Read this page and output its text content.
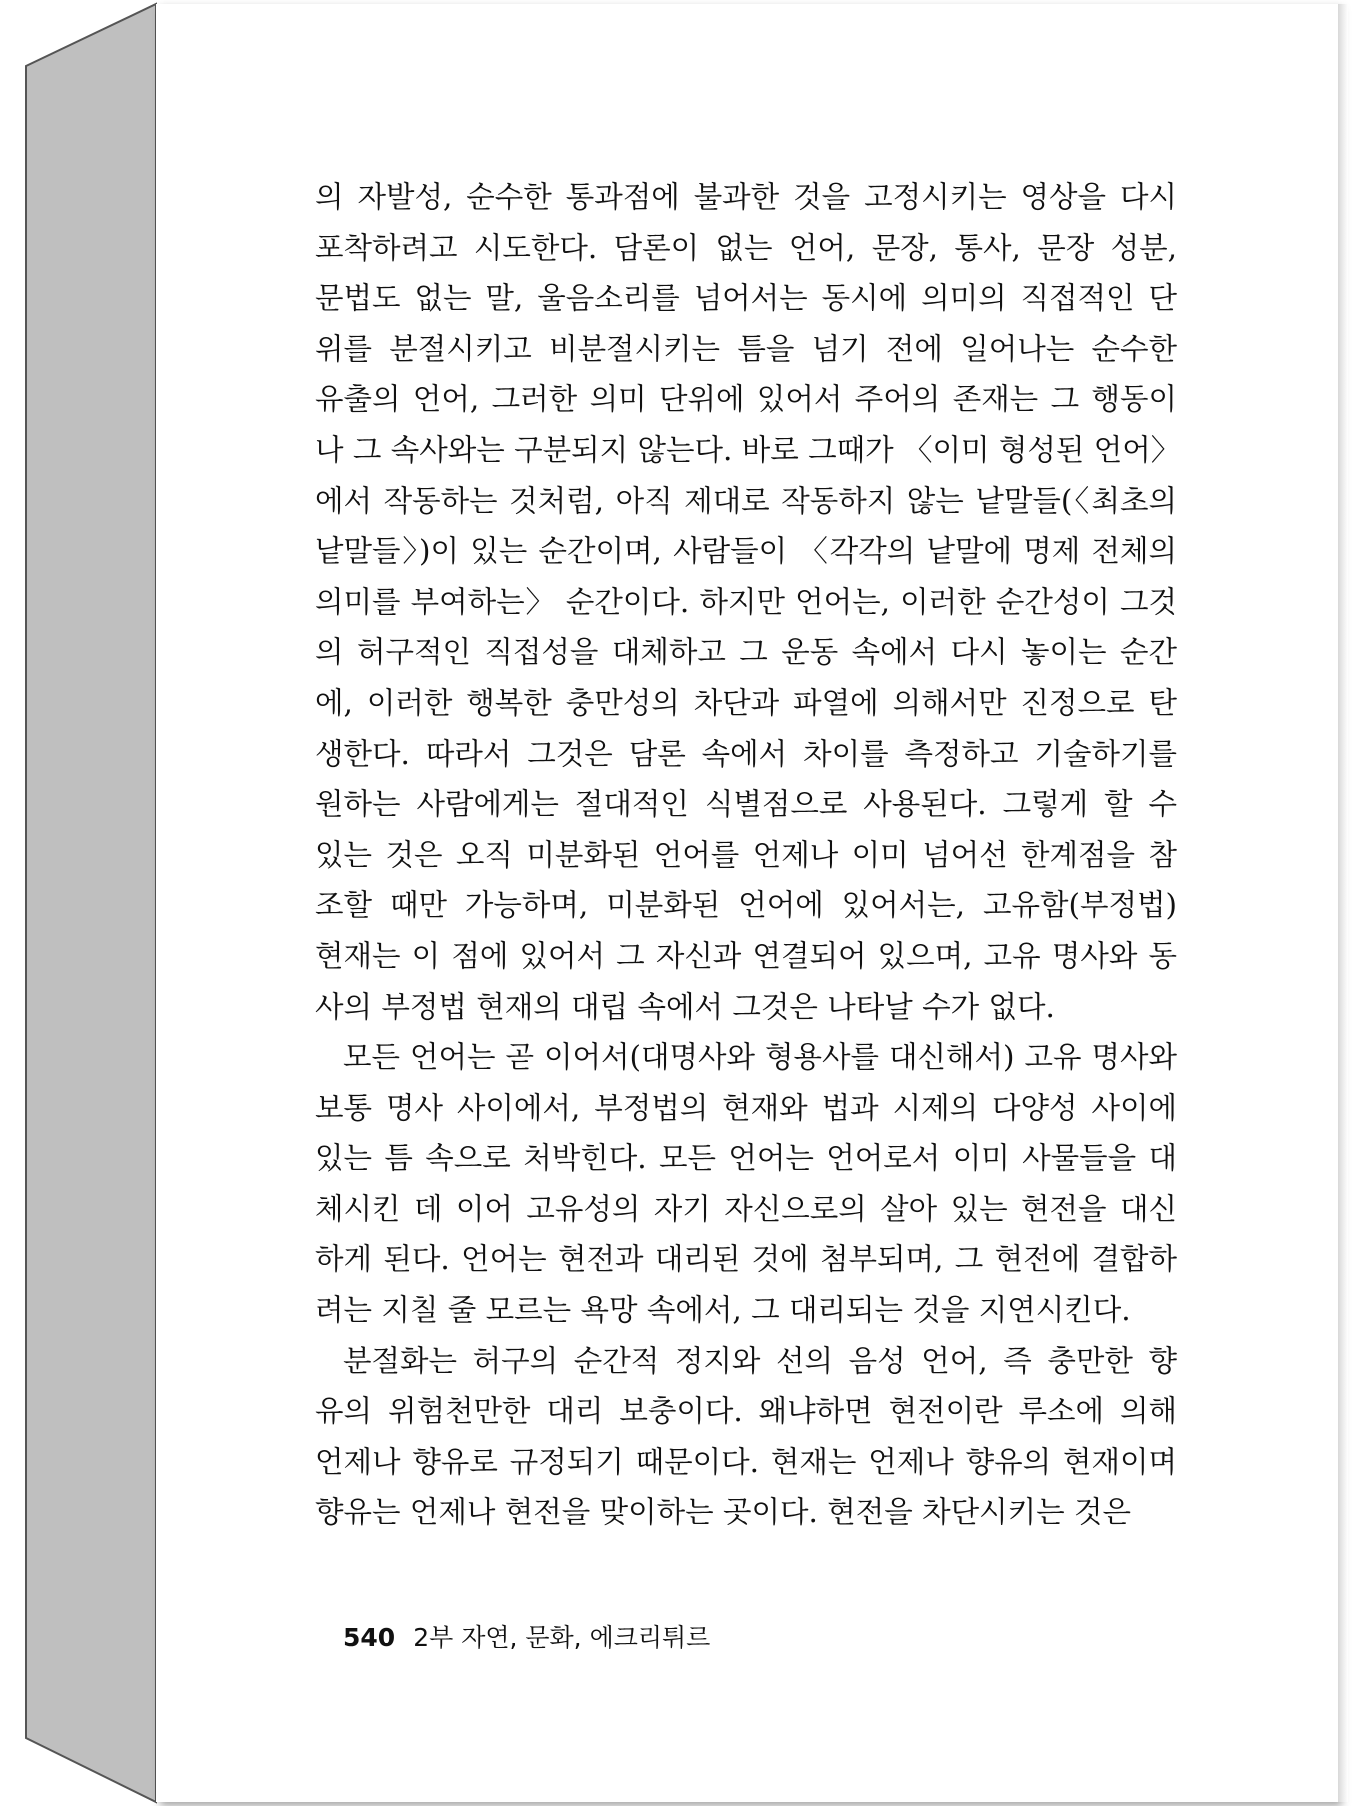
의 자발성, 순수한 통과점에 불과한 것을 고정시키는 영상을 다시
포착하려고 시도한다. 담론이 없는 언어, 문장, 통사, 문장 성분,
문법도 없는 말, 울음소리를 넘어서는 동시에 의미의 직접적인 단
위를 분절시키고 비분절시키는 틈을 넘기 전에 일어나는 순수한
유출의 언어, 그러한 의미 단위에 있어서 주어의 존재는 그 행동이
나 그 속사와는 구분되지 않는다. 바로 그때가 〈이미 형성된 언어〉
에서 작동하는 것처럼, 아직 제대로 작동하지 않는 낱말들(〈최초의
낱말들〉)이 있는 순간이며, 사람들이 〈각각의 낱말에 명제 전체의
의미를 부여하는〉 순간이다. 하지만 언어는, 이러한 순간성이 그것
의 허구적인 직접성을 대체하고 그 운동 속에서 다시 놓이는 순간
에, 이러한 행복한 충만성의 차단과 파열에 의해서만 진정으로 탄
생한다. 따라서 그것은 담론 속에서 차이를 측정하고 기술하기를
원하는 사람에게는 절대적인 식별점으로 사용된다. 그렇게 할 수
있는 것은 오직 미분화된 언어를 언제나 이미 넘어선 한계점을 참
조할 때만 가능하며, 미분화된 언어에 있어서는, 고유함(부정법)
현재는 이 점에 있어서 그 자신과 연결되어 있으며, 고유 명사와 동
사의 부정법 현재의 대립 속에서 그것은 나타날 수가 없다.
모든 언어는 곧 이어서(대명사와 형용사를 대신해서) 고유 명사와
보통 명사 사이에서, 부정법의 현재와 법과 시제의 다양성 사이에
있는 틈 속으로 처박힌다. 모든 언어는 언어로서 이미 사물들을 대
체시킨 데 이어 고유성의 자기 자신으로의 살아 있는 현전을 대신
하게 된다. 언어는 현전과 대리된 것에 첨부되며, 그 현전에 결합하
려는 지칠 줄 모르는 욕망 속에서, 그 대리되는 것을 지연시킨다.
분절화는 허구의 순간적 정지와 선의 음성 언어, 즉 충만한 향
유의 위험천만한 대리 보충이다. 왜냐하면 현전이란 루소에 의해
언제나 향유로 규정되기 때문이다. 현재는 언제나 향유의 현재이며
향유는 언제나 현전을 맞이하는 곳이다. 현전을 차단시키는 것은
540 2부 자연, 문화, 에크리튀르
